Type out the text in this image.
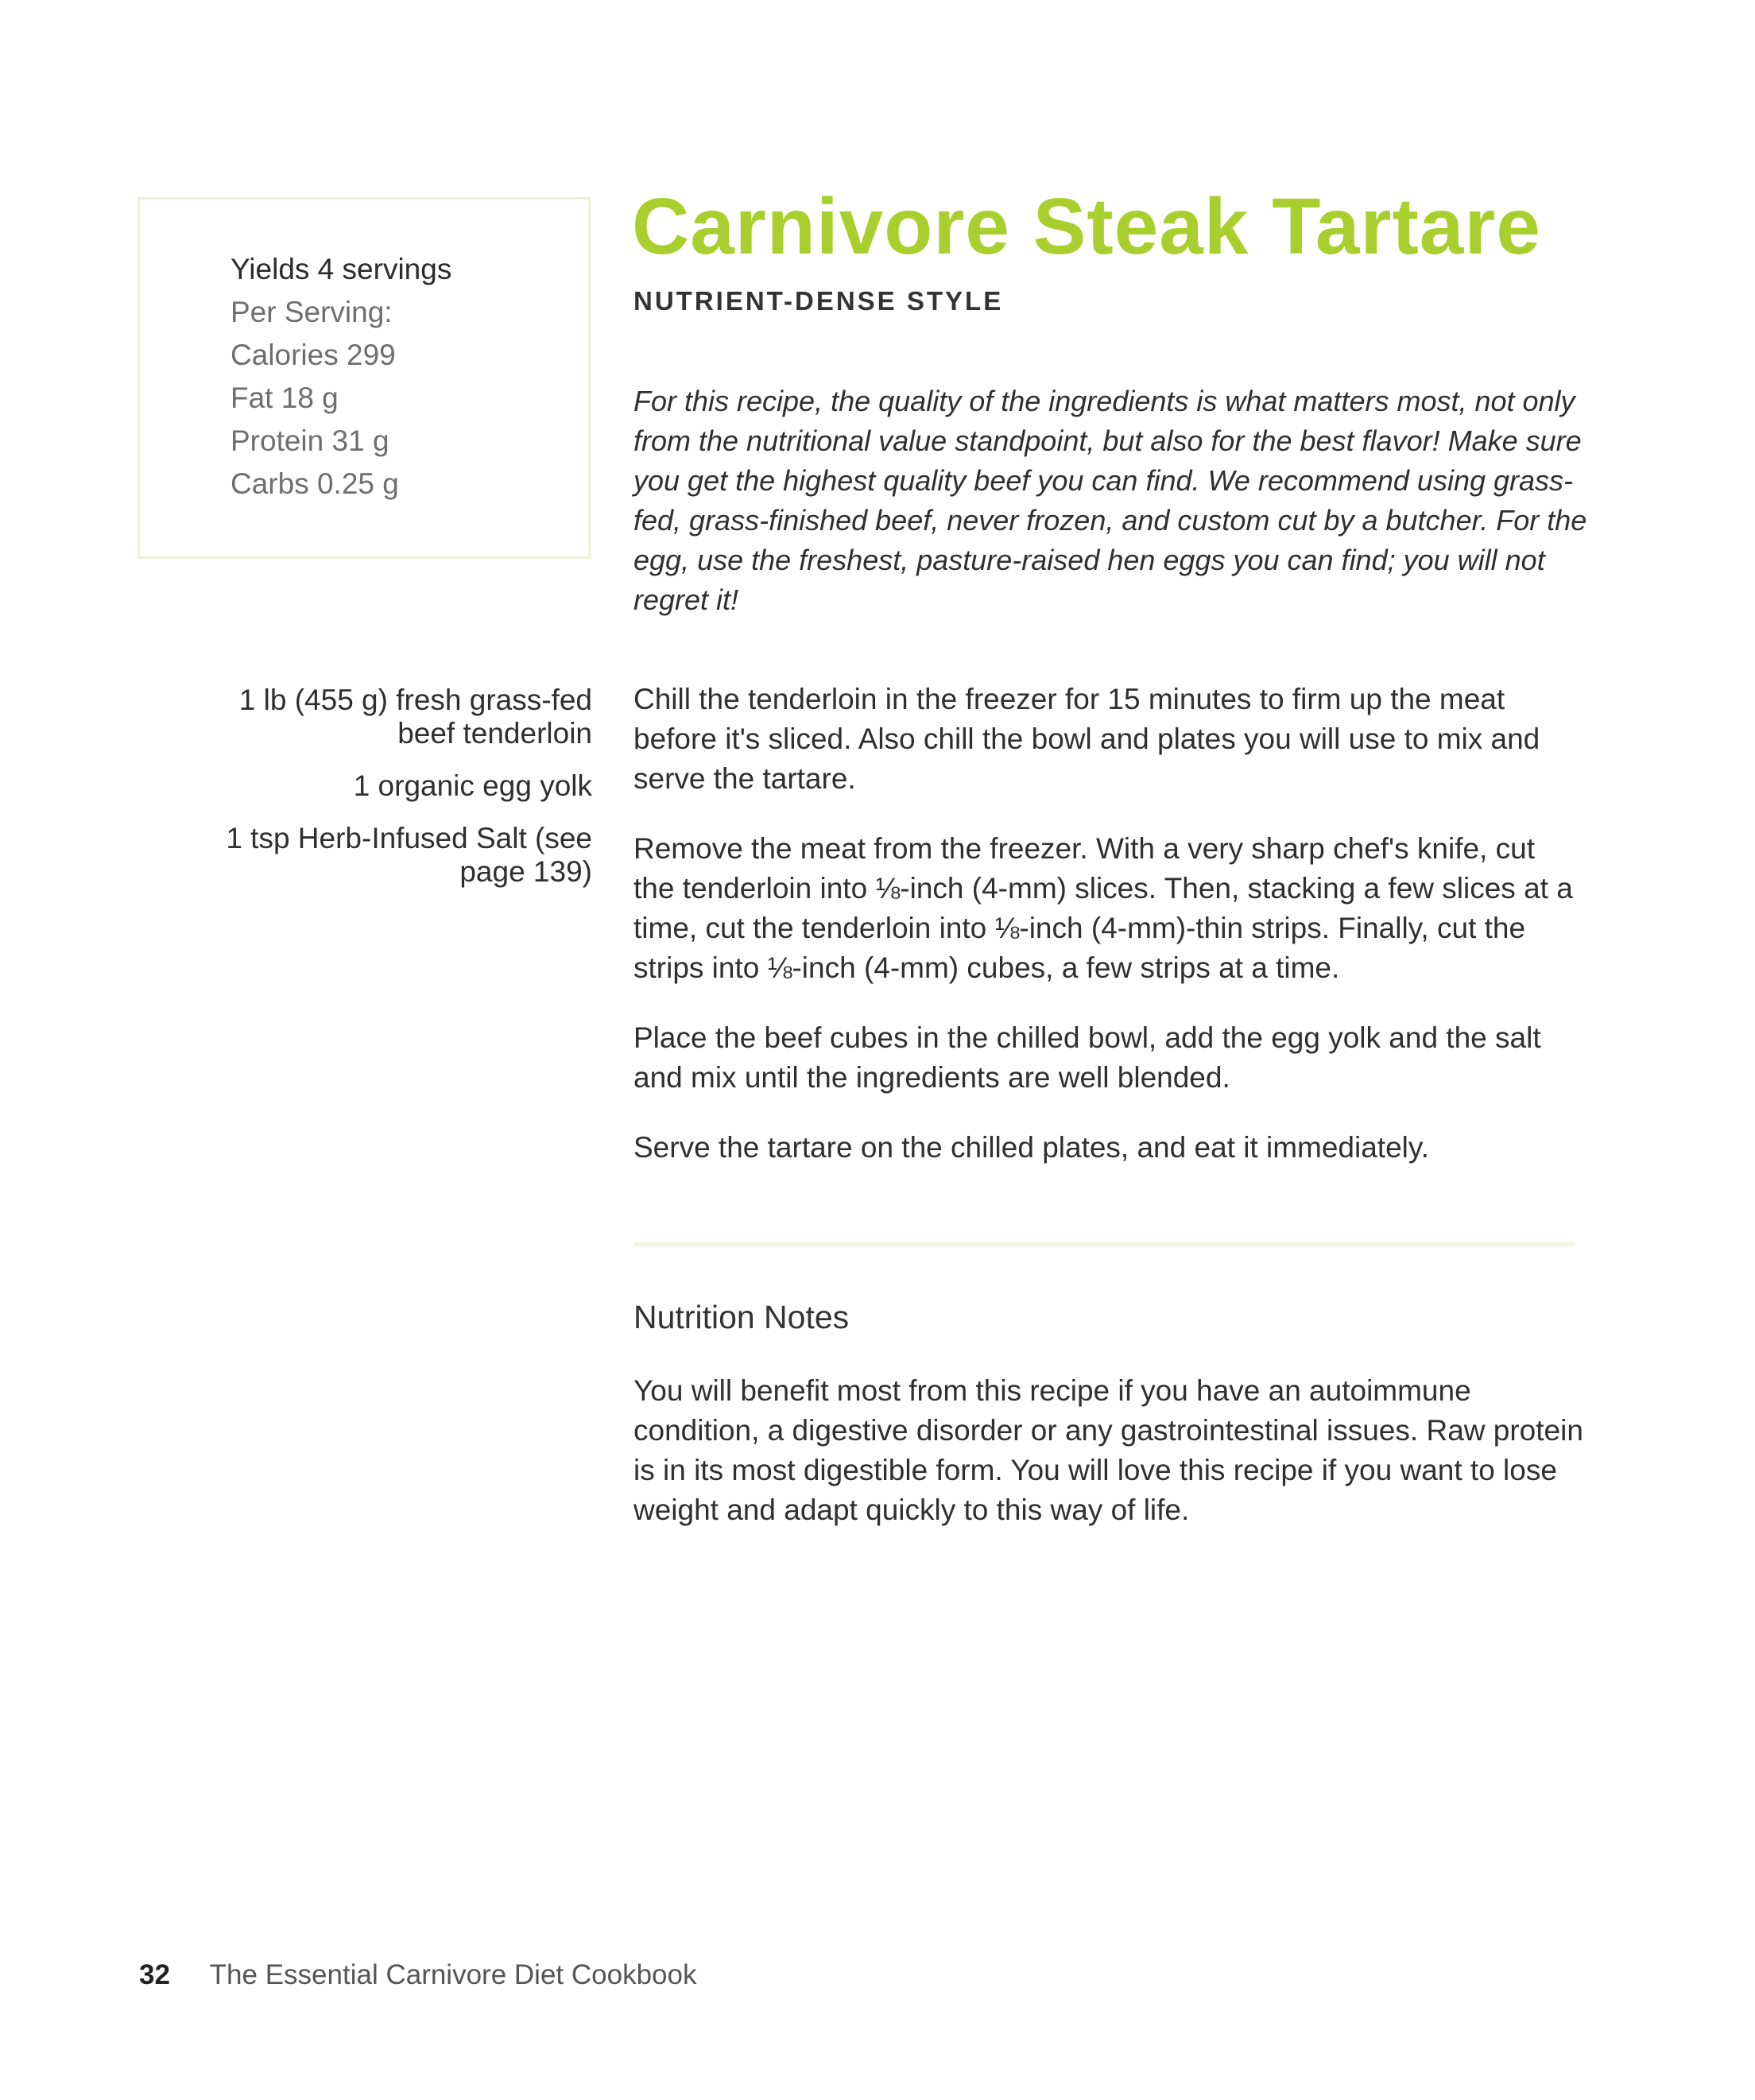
Yields 4 servings
Per Serving:
Calories 299
Fat 18 g
Protein 31 g
Carbs 0.25 g
Carnivore Steak Tartare
NUTRIENT-DENSE STYLE

For this recipe, the quality of the ingredients is what matters most, not only from the nutritional value standpoint, but also for the best flavor! Make sure you get the highest quality beef you can find. We recommend using grass-fed, grass-finished beef, never frozen, and custom cut by a butcher. For the egg, use the freshest, pasture-raised hen eggs you can find; you will not regret it!

1 lb (455 g) fresh grass-fed beef tenderloin
1 organic egg yolk
1 tsp Herb-Infused Salt (see page 139)

Chill the tenderloin in the freezer for 15 minutes to firm up the meat before it's sliced. Also chill the bowl and plates you will use to mix and serve the tartare.

Remove the meat from the freezer. With a very sharp chef's knife, cut the tenderloin into ⅛-inch (4-mm) slices. Then, stacking a few slices at a time, cut the tenderloin into ⅛-inch (4-mm)-thin strips. Finally, cut the strips into ⅛-inch (4-mm) cubes, a few strips at a time.

Place the beef cubes in the chilled bowl, add the egg yolk and the salt and mix until the ingredients are well blended.

Serve the tartare on the chilled plates, and eat it immediately.

Nutrition Notes

You will benefit most from this recipe if you have an autoimmune condition, a digestive disorder or any gastrointestinal issues. Raw protein is in its most digestible form. You will love this recipe if you want to lose weight and adapt quickly to this way of life.

32 The Essential Carnivore Diet Cookbook
